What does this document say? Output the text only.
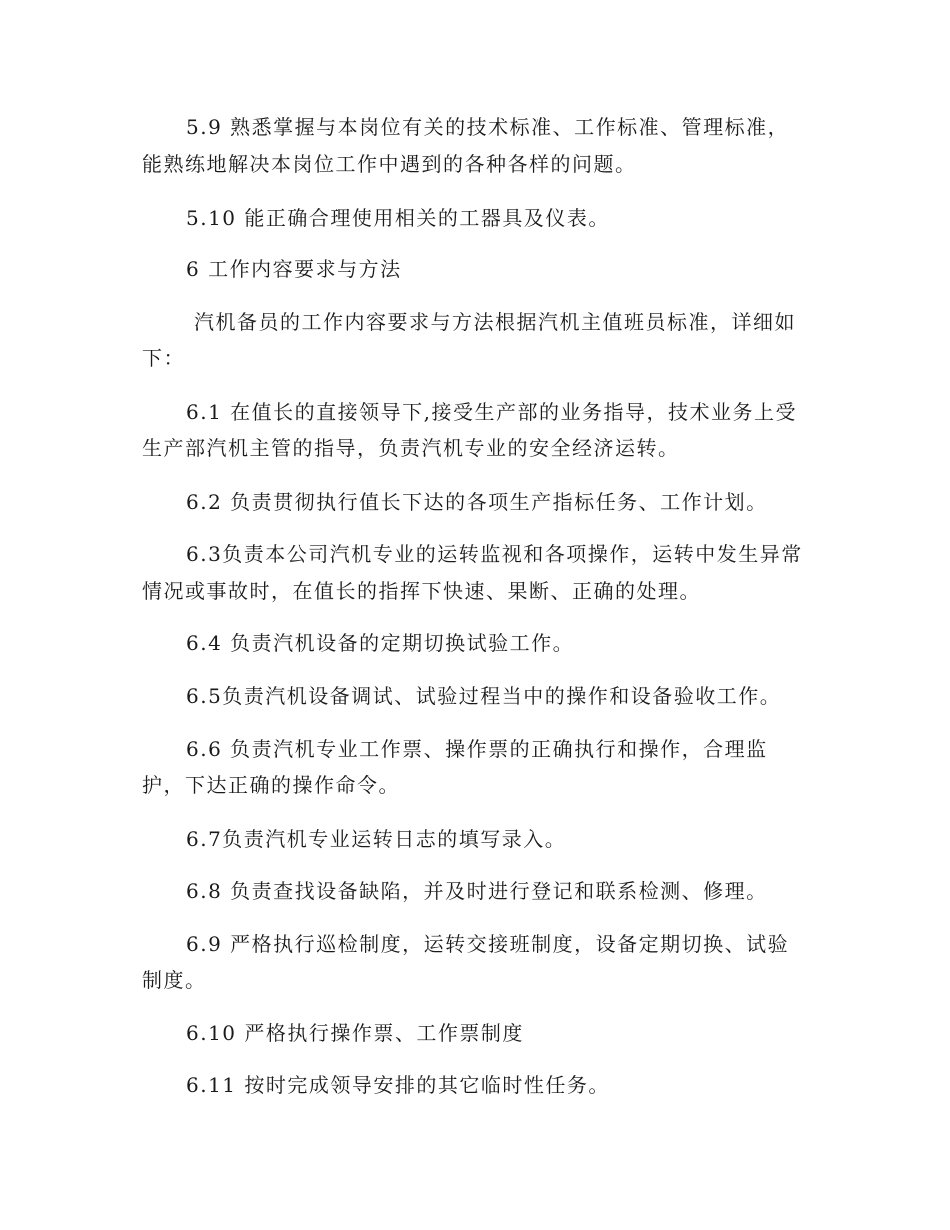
5.9 熟悉掌握与本岗位有关的技术标准、工作标准、管理标准，
能熟练地解决本岗位工作中遇到的各种各样的问题。
5.10 能正确合理使用相关的工器具及仪表。
6 工作内容要求与方法
汽机备员的工作内容要求与方法根据汽机主值班员标准，详细如
下：
6.1 在值长的直接领导下,接受生产部的业务指导，技术业务上受
生产部汽机主管的指导，负责汽机专业的安全经济运转。
6.2 负责贯彻执行值长下达的各项生产指标任务、工作计划。
6.3负责本公司汽机专业的运转监视和各项操作，运转中发生异常
情况或事故时，在值长的指挥下快速、果断、正确的处理。
6.4 负责汽机设备的定期切换试验工作。
6.5负责汽机设备调试、试验过程当中的操作和设备验收工作。
6.6 负责汽机专业工作票、操作票的正确执行和操作，合理监
护，下达正确的操作命令。
6.7负责汽机专业运转日志的填写录入。
6.8 负责查找设备缺陷，并及时进行登记和联系检测、修理。
6.9 严格执行巡检制度，运转交接班制度，设备定期切换、试验
制度。
6.10 严格执行操作票、工作票制度
6.11 按时完成领导安排的其它临时性任务。
